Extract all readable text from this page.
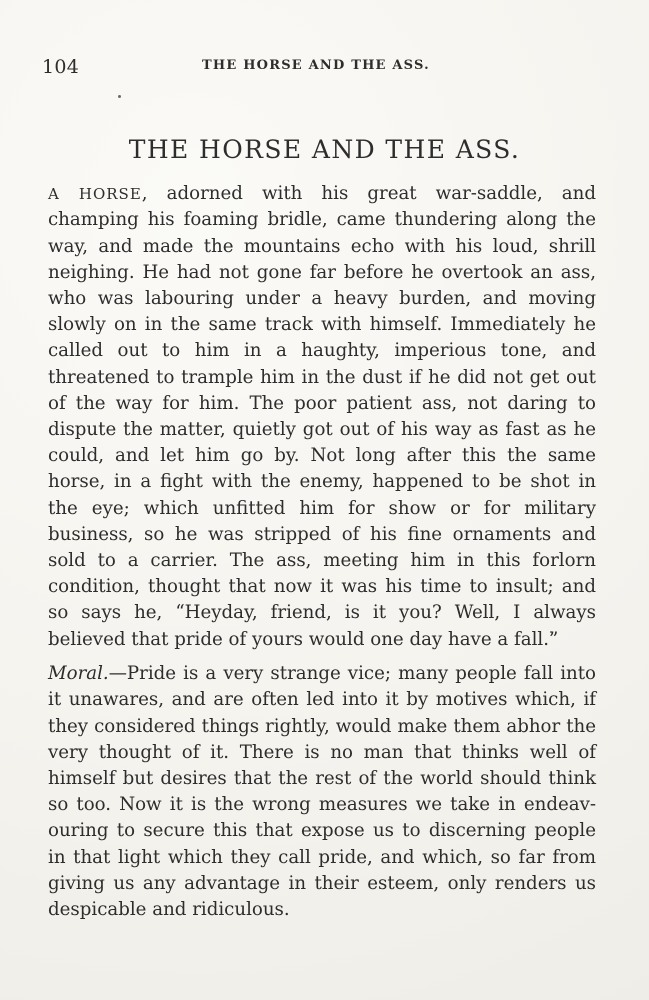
104	THE HORSE AND THE ASS.
THE HORSE AND THE ASS.

A HORSE, adorned with his great war-saddle, and champing his foaming bridle, came thundering along the way, and made the mountains echo with his loud, shrill neighing. He had not gone far before he overtook an ass, who was labouring under a heavy burden, and moving slowly on in the same track with himself. Immediately he called out to him in a haughty, imperious tone, and threatened to trample him in the dust if he did not get out of the way for him. The poor patient ass, not daring to dispute the matter, quietly got out of his way as fast as he could, and let him go by. Not long after this the same horse, in a fight with the enemy, happened to be shot in the eye; which unfitted him for show or for military business, so he was stripped of his fine ornaments and sold to a carrier. The ass, meeting him in this forlorn condition, thought that now it was his time to insult; and so says he, “Heyday, friend, is it you? Well, I always believed that pride of yours would one day have a fall.”

Moral.—Pride is a very strange vice; many people fall into it unawares, and are often led into it by motives which, if they considered things rightly, would make them abhor the very thought of it. There is no man that thinks well of himself but desires that the rest of the world should think so too. Now it is the wrong measures we take in endeav-ouring to secure this that expose us to discerning people in that light which they call pride, and which, so far from giving us any advantage in their esteem, only renders us despicable and ridiculous.
